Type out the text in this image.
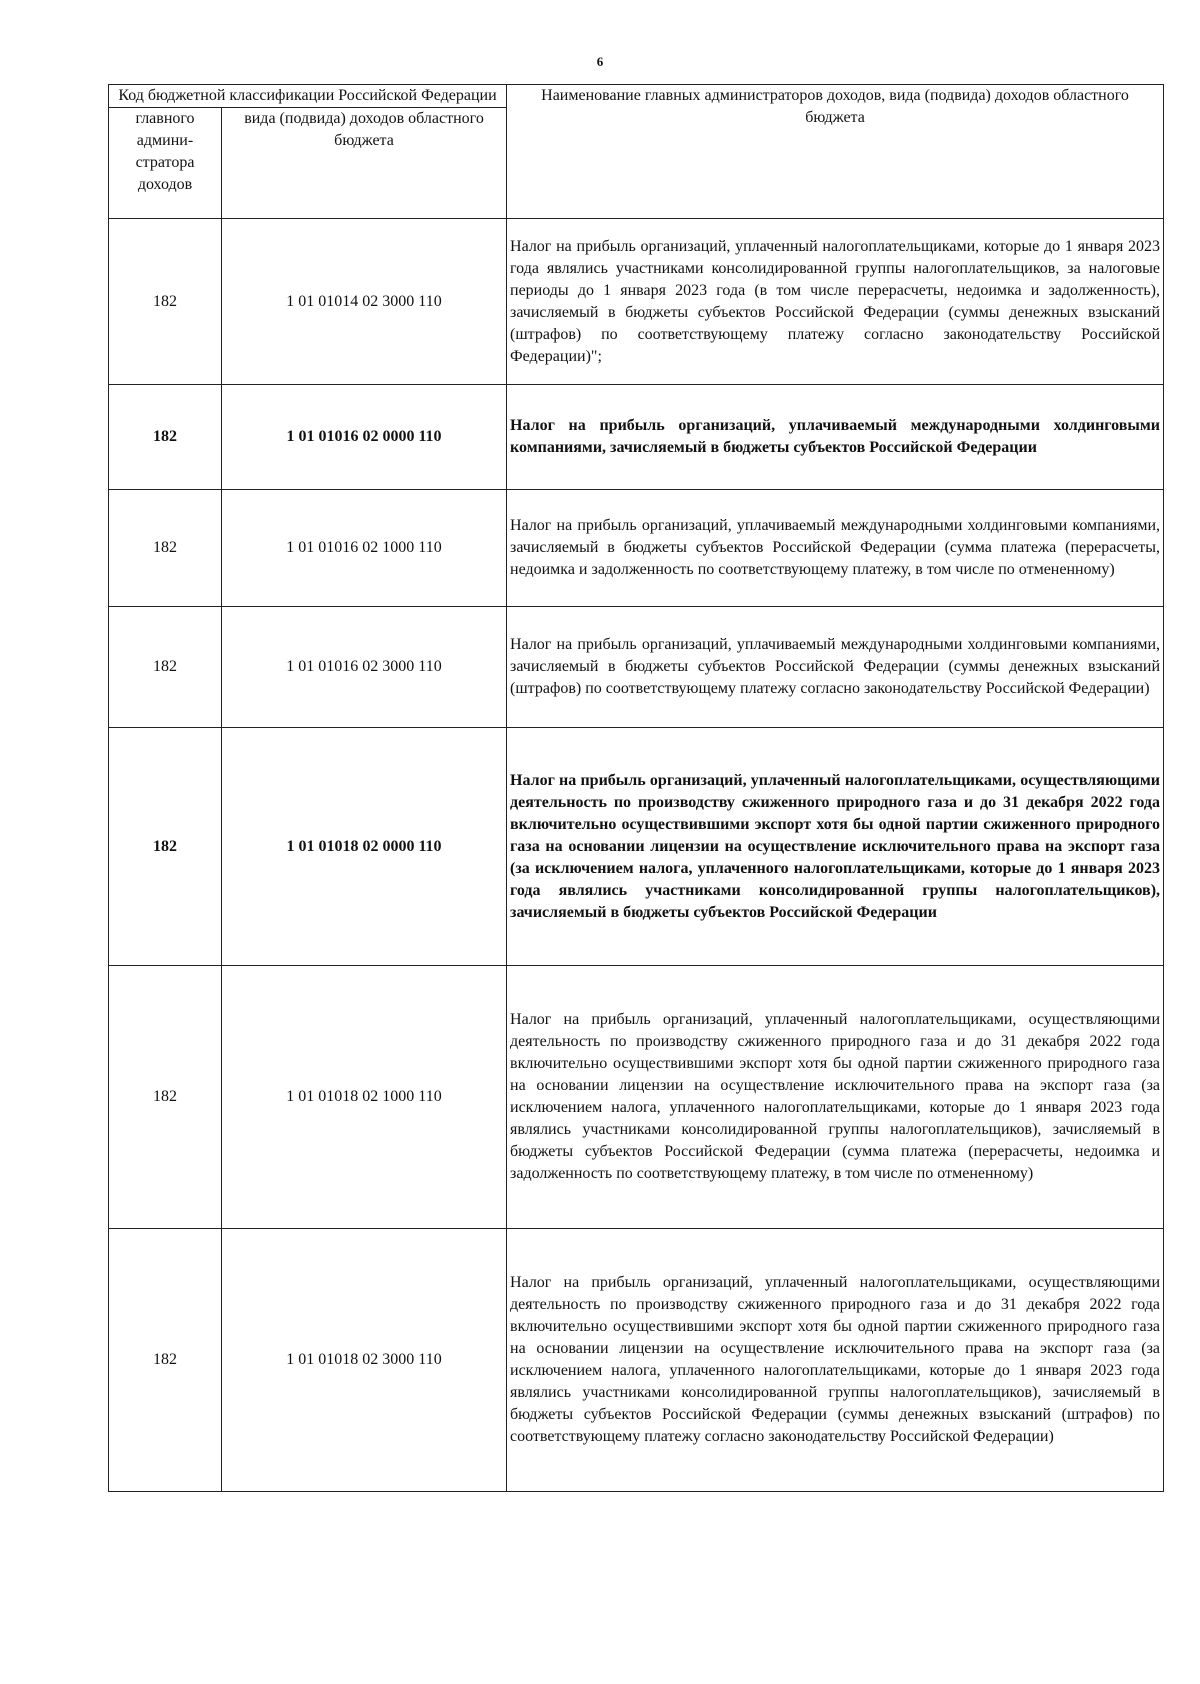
6
Код бюджетной классификации Российской Федерации		Наименование главных администраторов доходов, вида (подвида) доходов областного бюджета
главного админи-стратора доходов	вида (подвида) доходов областного бюджета	
182	1 01 01014 02 3000 110	Налог на прибыль организаций, уплаченный налогоплательщиками, которые до 1 января 2023 года являлись участниками консолидированной группы налогоплательщиков, за налоговые периоды до 1 января 2023 года (в том числе перерасчеты, недоимка и задолженность), зачисляемый в бюджеты субъектов Российской Федерации (суммы денежных взысканий (штрафов) по соответствующему платежу согласно законодательству Российской Федерации)";

182	1 01 01016 02 0000 110	Налог на прибыль организаций, уплачиваемый международными холдинговыми компаниями, зачисляемый в бюджеты субъектов Российской Федерации

182	1 01 01016 02 1000 110	Налог на прибыль организаций, уплачиваемый международными холдинговыми компаниями, зачисляемый в бюджеты субъектов Российской Федерации (сумма платежа (перерасчеты, недоимка и задолженность по соответствующему платежу, в том числе по отмененному)

182	1 01 01016 02 3000 110	Налог на прибыль организаций, уплачиваемый международными холдинговыми компаниями, зачисляемый в бюджеты субъектов Российской Федерации (суммы денежных взысканий (штрафов) по соответствующему платежу согласно законодательству Российской Федерации)

182	1 01 01018 02 0000 110	Налог на прибыль организаций, уплаченный налогоплательщиками, осуществляющими деятельность по производству сжиженного природного газа и до 31 декабря 2022 года включительно осуществившими экспорт хотя бы одной партии сжиженного природного газа на основании лицензии на осуществление исключительного права на экспорт газа (за исключением налога, уплаченного налогоплательщиками, которые до 1 января 2023 года являлись участниками консолидированной группы налогоплательщиков), зачисляемый в бюджеты субъектов Российской Федерации

182	1 01 01018 02 1000 110	Налог на прибыль организаций, уплаченный налогоплательщиками, осуществляющими деятельность по производству сжиженного природного газа и до 31 декабря 2022 года включительно осуществившими экспорт хотя бы одной партии сжиженного природного газа на основании лицензии на осуществление исключительного права на экспорт газа (за исключением налога, уплаченного налогоплательщиками, которые до 1 января 2023 года являлись участниками консолидированной группы налогоплательщиков), зачисляемый в бюджеты субъектов Российской Федерации (сумма платежа (перерасчеты, недоимка и задолженность по соответствующему платежу, в том числе по отмененному)

182	1 01 01018 02 3000 110	Налог на прибыль организаций, уплаченный налогоплательщиками, осуществляющими деятельность по производству сжиженного природного газа и до 31 декабря 2022 года включительно осуществившими экспорт хотя бы одной партии сжиженного природного газа на основании лицензии на осуществление исключительного права на экспорт газа (за исключением налога, уплаченного налогоплательщиками, которые до 1 января 2023 года являлись участниками консолидированной группы налогоплательщиков), зачисляемый в бюджеты субъектов Российской Федерации (суммы денежных взысканий (штрафов) по соответствующему платежу согласно законодательству Российской Федерации)
